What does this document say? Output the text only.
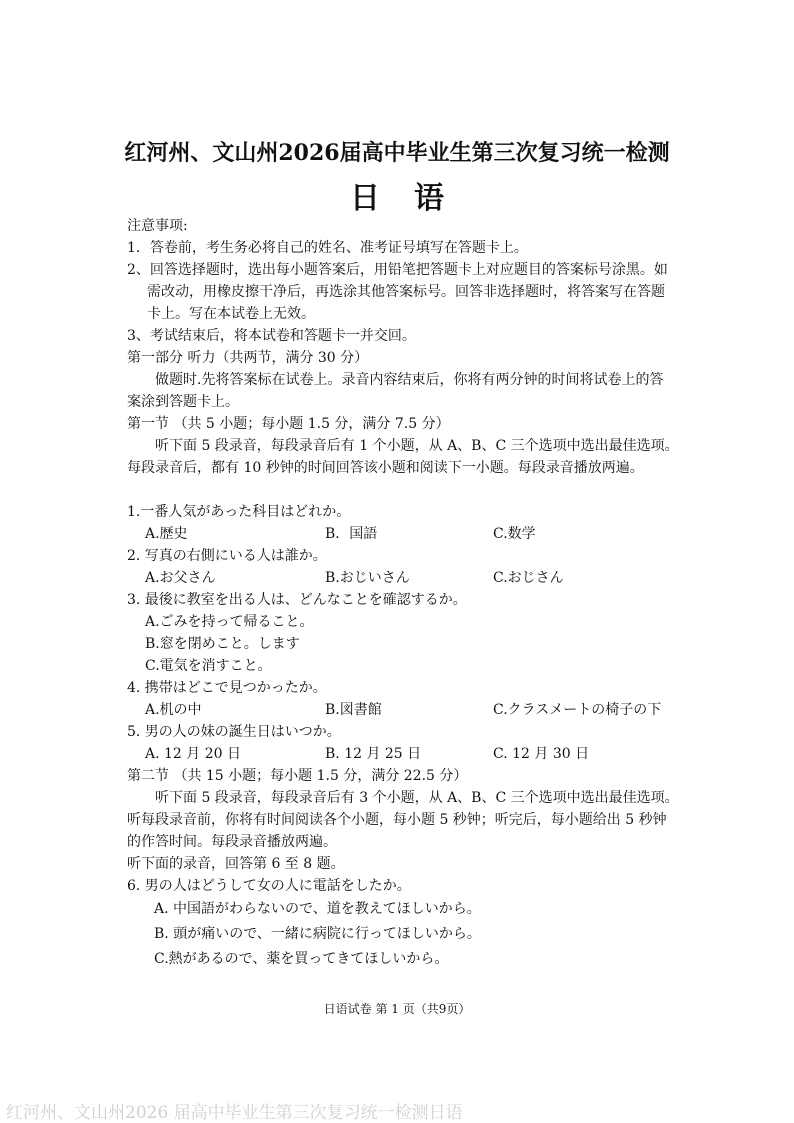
红河州、文山州2026届高中毕业生第三次复习统一检测
日语
注意事项:
1．答卷前，考生务必将自己的姓名、准考证号填写在答题卡上。
2、回答选择题时，选出每小题答案后，用铅笔把答题卡上对应题目的答案标号涂黑。如
需改动，用橡皮擦干净后，再选涂其他答案标号。回答非选择题时，将答案写在答题
卡上。写在本试卷上无效。
3、考试结束后，将本试卷和答题卡一并交回。
第一部分 听力（共两节，满分 30 分）
做题时.先将答案标在试卷上。录音内容结束后，你将有两分钟的时间将试卷上的答
案涂到答题卡上。
第一节 （共 5 小题；每小题 1.5 分，满分 7.5 分）
听下面 5 段录音，每段录音后有 1 个小题，从 A、B、C 三个选项中选出最佳选项。
每段录音后，都有 10 秒钟的时间回答该小题和阅读下一小题。每段录音播放两遍。
1.一番人気があった科目はどれか。
A.歴史	B．国語	C.数学
2. 写真の右側にいる人は誰か。
A.お父さん	B.おじいさん	C.おじさん
3. 最後に教室を出る人は、どんなことを確認するか。
A.ごみを持って帰ること。
B.窓を閉めこと。します
C.電気を消すこと。
4. 携帯はどこで見つかったか。
A.机の中	B.図書館	C.クラスメートの椅子の下
5. 男の人の妹の誕生日はいつか。
A. 12 月 20 日	B. 12 月 25 日	C. 12 月 30 日
第二节 （共 15 小题；每小题 1.5 分，满分 22.5 分）
听下面 5 段录音，每段录音后有 3 个小题，从 A、B、C 三个选项中选出最佳选项。
听每段录音前，你将有时间阅读各个小题，每小题 5 秒钟；听完后，每小题给出 5 秒钟
的作答时间。每段录音播放两遍。
听下面的录音，回答第 6 至 8 题。
6. 男の人はどうして女の人に電話をしたか。
A. 中国語がわらないので、道を教えてほしいから。
B. 頭が痛いので、一緒に病院に行ってほしいから。
C.熱があるので、薬を買ってきてほしいから。
日语试卷 第 1 页（共9页）
红河州、文山州2026 届高中毕业生第三次复习统一检测日语
